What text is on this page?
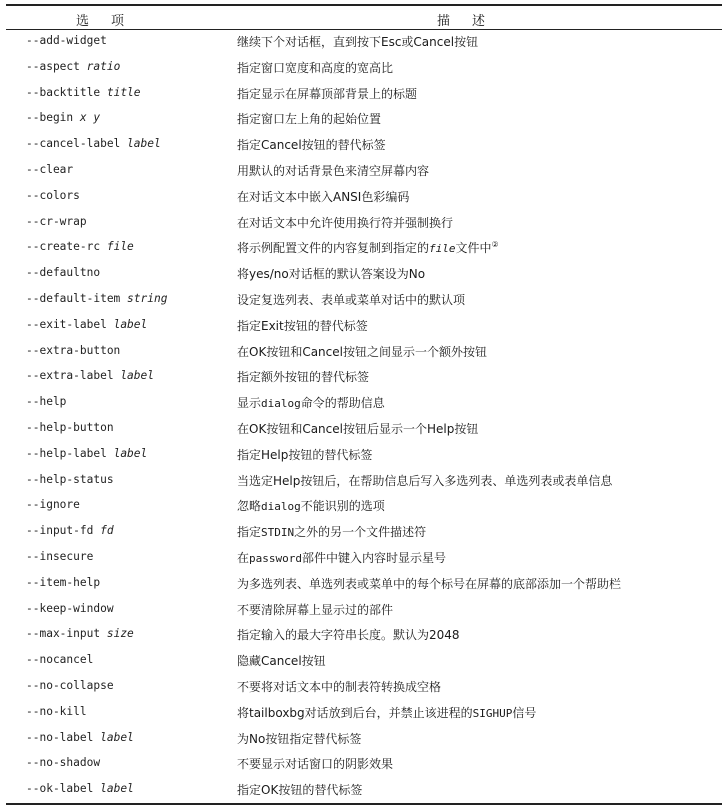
选 项	描 述
--add-widget	继续下个对话框，直到按下Esc或Cancel按钮
--aspect ratio	指定窗口宽度和高度的宽高比
--backtitle title	指定显示在屏幕顶部背景上的标题
--begin x y	指定窗口左上角的起始位置
--cancel-label label	指定Cancel按钮的替代标签
--clear	用默认的对话背景色来清空屏幕内容
--colors	在对话文本中嵌入ANSI色彩编码
--cr-wrap	在对话文本中允许使用换行符并强制换行
--create-rc file	将示例配置文件的内容复制到指定的file文件中②
--defaultno	将yes/no对话框的默认答案设为No
--default-item string	设定复选列表、表单或菜单对话中的默认项
--exit-label label	指定Exit按钮的替代标签
--extra-button	在OK按钮和Cancel按钮之间显示一个额外按钮
--extra-label label	指定额外按钮的替代标签
--help	显示dialog命令的帮助信息
--help-button	在OK按钮和Cancel按钮后显示一个Help按钮
--help-label label	指定Help按钮的替代标签
--help-status	当选定Help按钮后，在帮助信息后写入多选列表、单选列表或表单信息
--ignore	忽略dialog不能识别的选项
--input-fd fd	指定STDIN之外的另一个文件描述符
--insecure	在password部件中键入内容时显示星号
--item-help	为多选列表、单选列表或菜单中的每个标号在屏幕的底部添加一个帮助栏
--keep-window	不要清除屏幕上显示过的部件
--max-input size	指定输入的最大字符串长度。默认为2048
--nocancel	隐藏Cancel按钮
--no-collapse	不要将对话文本中的制表符转换成空格
--no-kill	将tailboxbg对话放到后台，并禁止该进程的SIGHUP信号
--no-label label	为No按钮指定替代标签
--no-shadow	不要显示对话窗口的阴影效果
--ok-label label	指定OK按钮的替代标签
